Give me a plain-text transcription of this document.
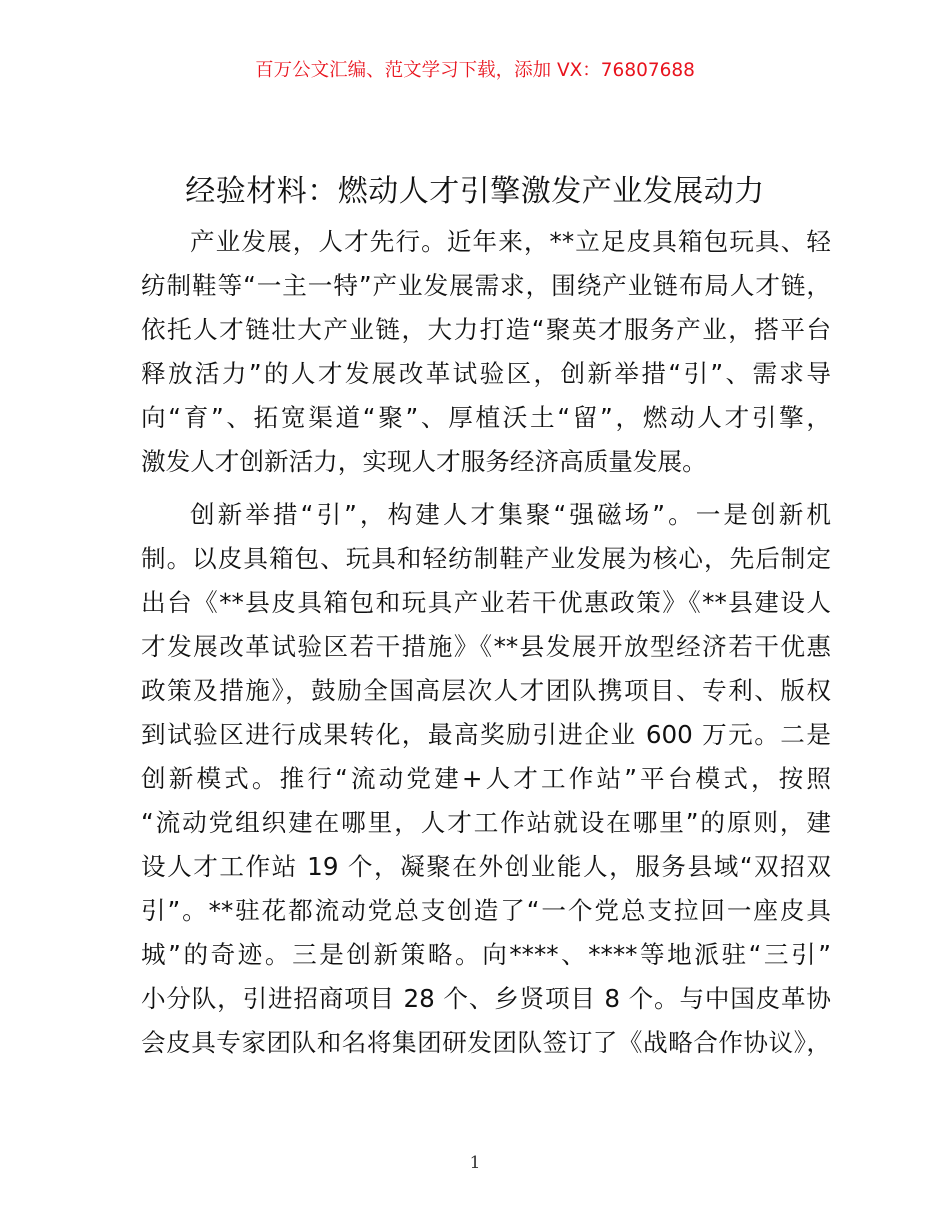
百万公文汇编、范文学习下载，添加 VX：76807688
经验材料：燃动人才引擎激发产业发展动力
产业发展，人才先行。近年来，**立足皮具箱包玩具、轻
纺制鞋等“一主一特”产业发展需求，围绕产业链布局人才链，
依托人才链壮大产业链，大力打造“聚英才服务产业，搭平台
释放活力”的人才发展改革试验区，创新举措“引”、需求导
向“育”、拓宽渠道“聚”、厚植沃土“留”，燃动人才引擎，
激发人才创新活力，实现人才服务经济高质量发展。
创新举措“引”，构建人才集聚“强磁场”。一是创新机
制。以皮具箱包、玩具和轻纺制鞋产业发展为核心，先后制定
出台《**县皮具箱包和玩具产业若干优惠政策》《**县建设人
才发展改革试验区若干措施》《**县发展开放型经济若干优惠
政策及措施》，鼓励全国高层次人才团队携项目、专利、版权
到试验区进行成果转化，最高奖励引进企业 600 万元。二是
创新模式。推行“流动党建+人才工作站”平台模式，按照
“流动党组织建在哪里，人才工作站就设在哪里”的原则，建
设人才工作站 19 个，凝聚在外创业能人，服务县域“双招双
引”。**驻花都流动党总支创造了“一个党总支拉回一座皮具
城”的奇迹。三是创新策略。向****、****等地派驻“三引”
小分队，引进招商项目 28 个、乡贤项目 8 个。与中国皮革协
会皮具专家团队和名将集团研发团队签订了《战略合作协议》，
1
